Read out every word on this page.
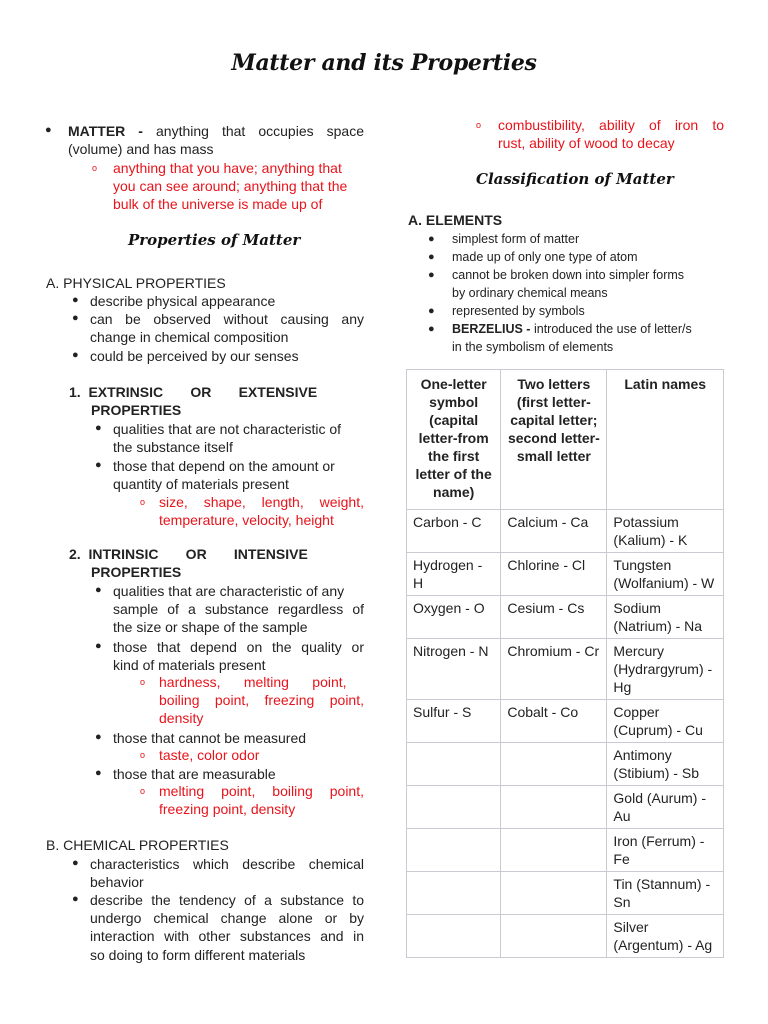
Matter and its Properties
● MATTER - anything that occupies space
(volume) and has mass
o anything that you have; anything that
you can see around; anything that the
bulk of the universe is made up of
Properties of Matter
A. PHYSICAL PROPERTIES
● describe physical appearance
● can be observed without causing any
change in chemical composition
● could be perceived by our senses
1.  EXTRINSIC       OR       EXTENSIVE
PROPERTIES
● qualities that are not characteristic of
the substance itself
● those that depend on the amount or
quantity of materials present
o size, shape, length, weight,
temperature, velocity, height
2.  INTRINSIC       OR       INTENSIVE
PROPERTIES
● qualities that are characteristic of any
sample of a substance regardless of
the size or shape of the sample
● those that depend on the quality or
kind of materials present
o hardness,      melting      point,
boiling point, freezing point,
density
● those that cannot be measured
o taste, color odor
● those that are measurable
o melting point, boiling point,
freezing point, density
B. CHEMICAL PROPERTIES
● characteristics which describe chemical
behavior
● describe the tendency of a substance to
undergo chemical change alone or by
interaction with other substances and in
so doing to form different materials
o combustibility, ability of iron to
rust, ability of wood to decay
Classification of Matter
A. ELEMENTS
● simplest form of matter
● made up of only one type of atom
● cannot be broken down into simpler forms
by ordinary chemical means
● represented by symbols
● BERZELIUS - introduced the use of letter/s
in the symbolism of elements
One-letter symbol (capital letter-from the first letter of the name)	Two letters (first letter-capital letter; second letter-small letter	Latin names
Carbon - C	Calcium - Ca	Potassium (Kalium) - K
Hydrogen - H	Chlorine - Cl	Tungsten (Wolfanium) - W
Oxygen - O	Cesium - Cs	Sodium (Natrium) - Na
Nitrogen - N	Chromium - Cr	Mercury (Hydrargyrum) - Hg
Sulfur - S	Cobalt - Co	Copper (Cuprum) - Cu
		Antimony (Stibium) - Sb
		Gold (Aurum) - Au
		Iron (Ferrum) - Fe
		Tin (Stannum) - Sn
		Silver (Argentum) - Ag
